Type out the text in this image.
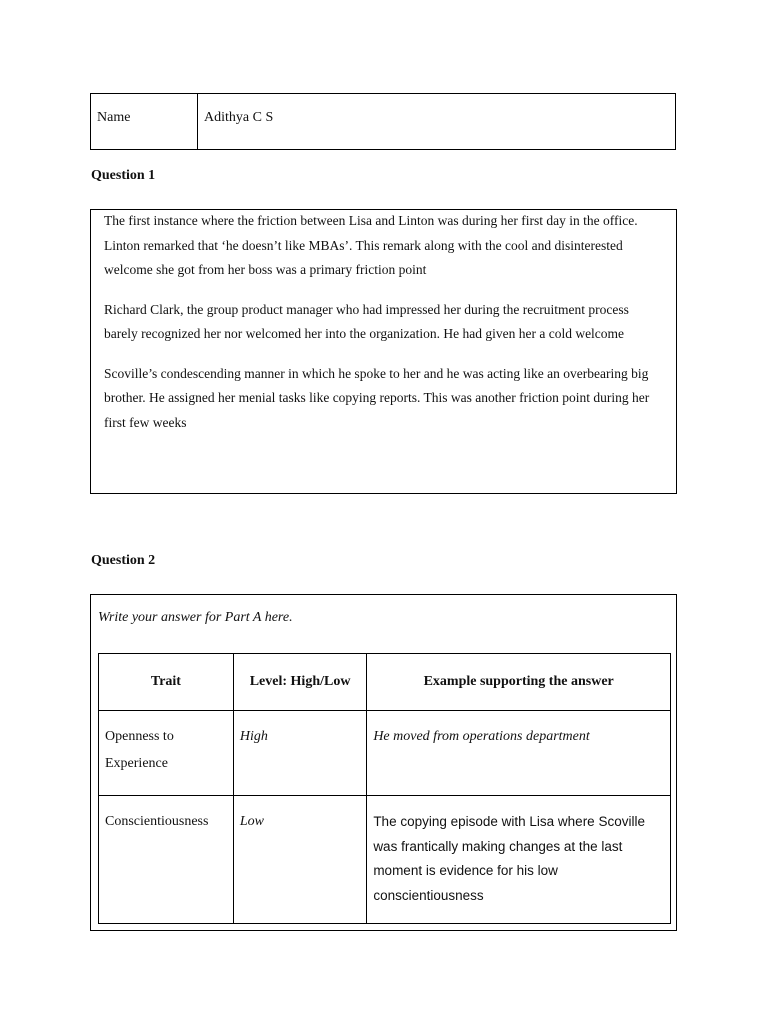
Name	Adithya C S
Question 1

The first instance where the friction between Lisa and Linton was during her first day in the office. Linton remarked that ‘he doesn’t like MBAs’. This remark along with the cool and disinterested welcome she got from her boss was a primary friction point

Richard Clark, the group product manager who had impressed her during the recruitment process barely recognized her nor welcomed her into the organization. He had given her a cold welcome

Scoville’s condescending manner in which he spoke to her and he was acting like an overbearing big brother. He assigned her menial tasks like copying reports. This was another friction point during her first few weeks

Question 2
Write your answer for Part A here.
Trait	Level: High/Low	Example supporting the answer

Openness to Experience	High	He moved from operations department

Conscientiousness	Low	The copying episode with Lisa where Scoville was frantically making changes at the last moment is evidence for his low conscientiousness
